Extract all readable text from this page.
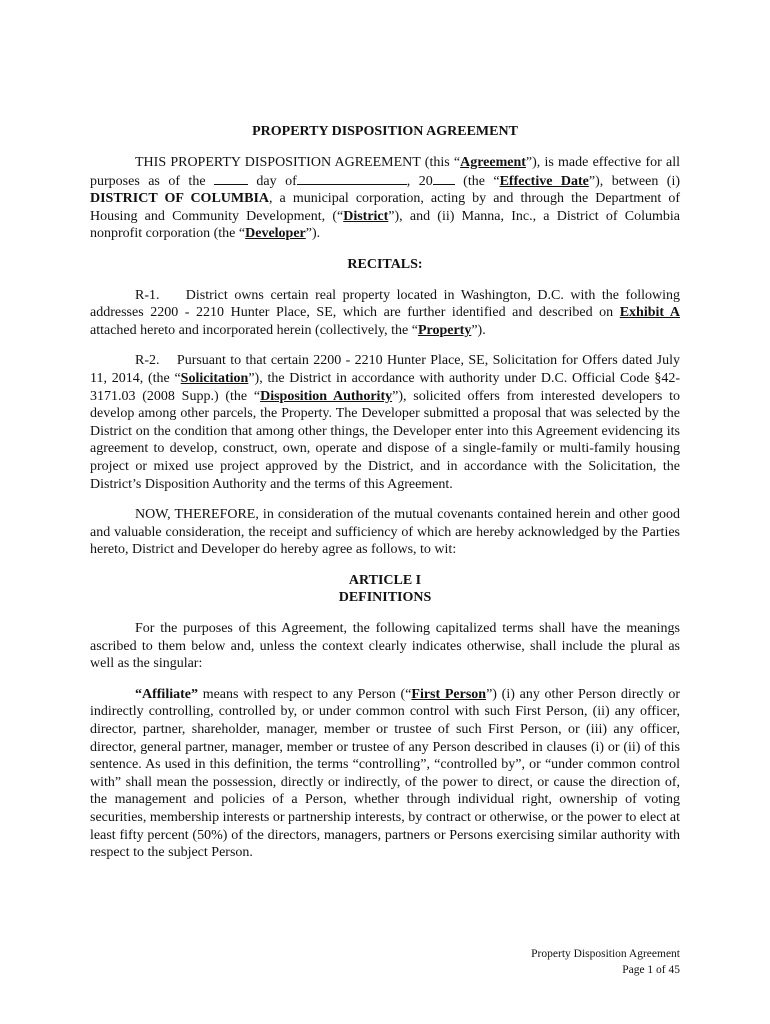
PROPERTY DISPOSITION AGREEMENT

THIS PROPERTY DISPOSITION AGREEMENT (this “Agreement”), is made effective for all purposes as of the  day of	, 20 (the “Effective Date”), between (i) DISTRICT OF COLUMBIA, a municipal corporation, acting by and through the Department of Housing and Community Development, (“District”), and (ii) Manna, Inc., a District of Columbia nonprofit corporation (the “Developer”).

RECITALS:

R-1. District owns certain real property located in Washington, D.C. with the following addresses 2200 - 2210 Hunter Place, SE, which are further identified and described on Exhibit A attached hereto and incorporated herein (collectively, the “Property”).

R-2. Pursuant to that certain 2200 - 2210 Hunter Place, SE, Solicitation for Offers dated July 11, 2014, (the “Solicitation”), the District in accordance with authority under D.C. Official Code §42-3171.03 (2008 Supp.) (the “Disposition Authority”), solicited offers from interested developers to develop among other parcels, the Property. The Developer submitted a proposal that was selected by the District on the condition that among other things, the Developer enter into this Agreement evidencing its agreement to develop, construct, own, operate and dispose of a single-family or multi-family housing project or mixed use project approved by the District, and in accordance with the Solicitation, the District’s Disposition Authority and the terms of this Agreement.

NOW, THEREFORE, in consideration of the mutual covenants contained herein and other good and valuable consideration, the receipt and sufficiency of which are hereby acknowledged by the Parties hereto, District and Developer do hereby agree as follows, to wit:

ARTICLE I
DEFINITIONS

For the purposes of this Agreement, the following capitalized terms shall have the meanings ascribed to them below and, unless the context clearly indicates otherwise, shall include the plural as well as the singular:

“Affiliate” means with respect to any Person (“First Person”) (i) any other Person directly or indirectly controlling, controlled by, or under common control with such First Person, (ii) any officer, director, partner, shareholder, manager, member or trustee of such First Person, or (iii) any officer, director, general partner, manager, member or trustee of any Person described in clauses (i) or (ii) of this sentence. As used in this definition, the terms “controlling”, “controlled by”, or “under common control with” shall mean the possession, directly or indirectly, of the power to direct, or cause the direction of, the management and policies of a Person, whether through individual right, ownership of voting securities, membership interests or partnership interests, by contract or otherwise, or the power to elect at least fifty percent (50%) of the directors, managers, partners or Persons exercising similar authority with respect to the subject Person.

Property Disposition Agreement
Page 1 of 45
